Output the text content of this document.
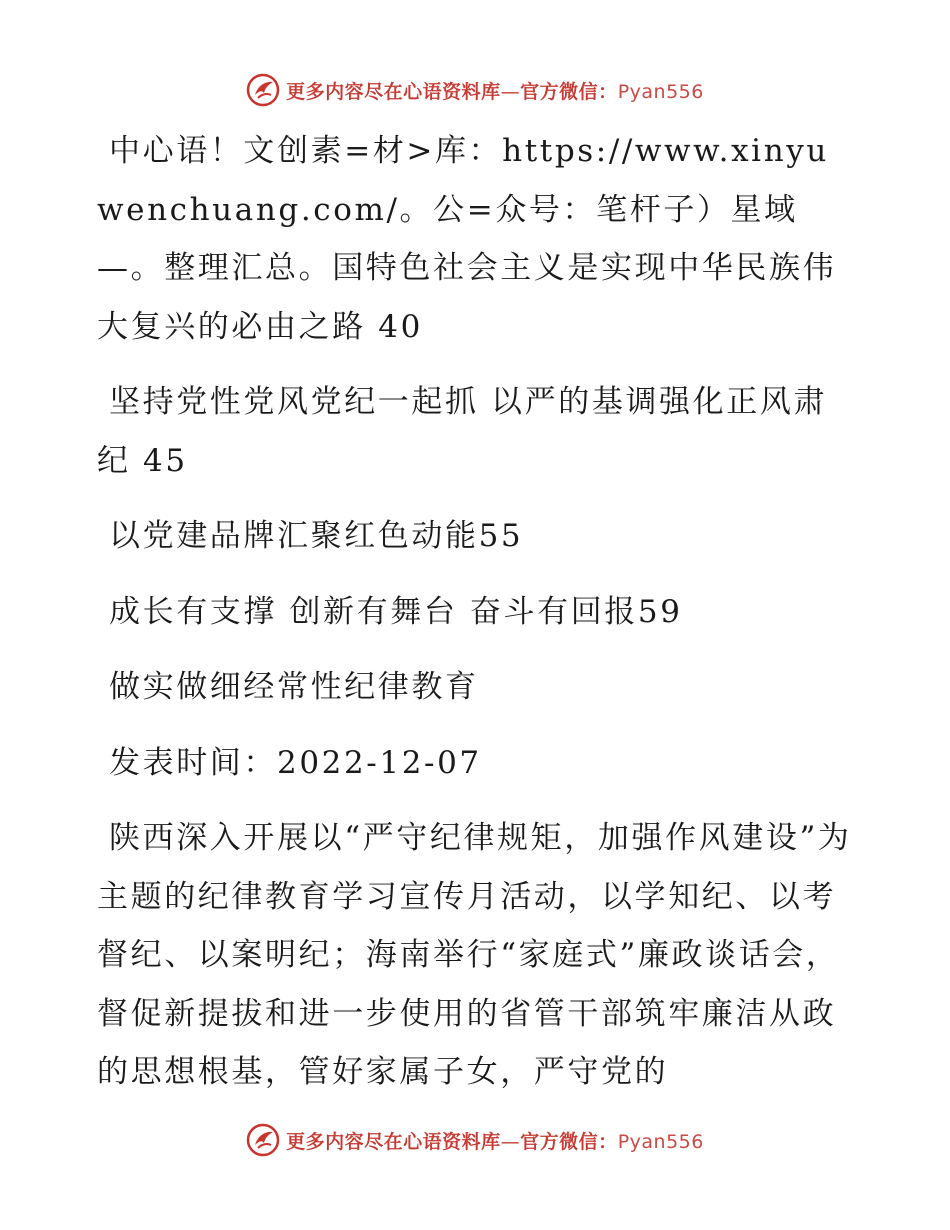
更多内容尽在心语资料库—官方微信：Pyan556

中心语！文创素=材>库：https://www.xinyuwenchuang.com/。公=众号：笔杆子）星域—。整理汇总。国特色社会主义是实现中华民族伟大复兴的必由之路 40

坚持党性党风党纪一起抓 以严的基调强化正风肃纪 45

以党建品牌汇聚红色动能55

成长有支撑 创新有舞台 奋斗有回报59

做实做细经常性纪律教育

发表时间：2022-12-07

陕西深入开展以“严守纪律规矩，加强作风建设”为主题的纪律教育学习宣传月活动，以学知纪、以考督纪、以案明纪；海南举行“家庭式”廉政谈话会，督促新提拔和进一步使用的省管干部筑牢廉洁从政的思想根基，管好家属子女，严守党的

更多内容尽在心语资料库—官方微信：Pyan556
